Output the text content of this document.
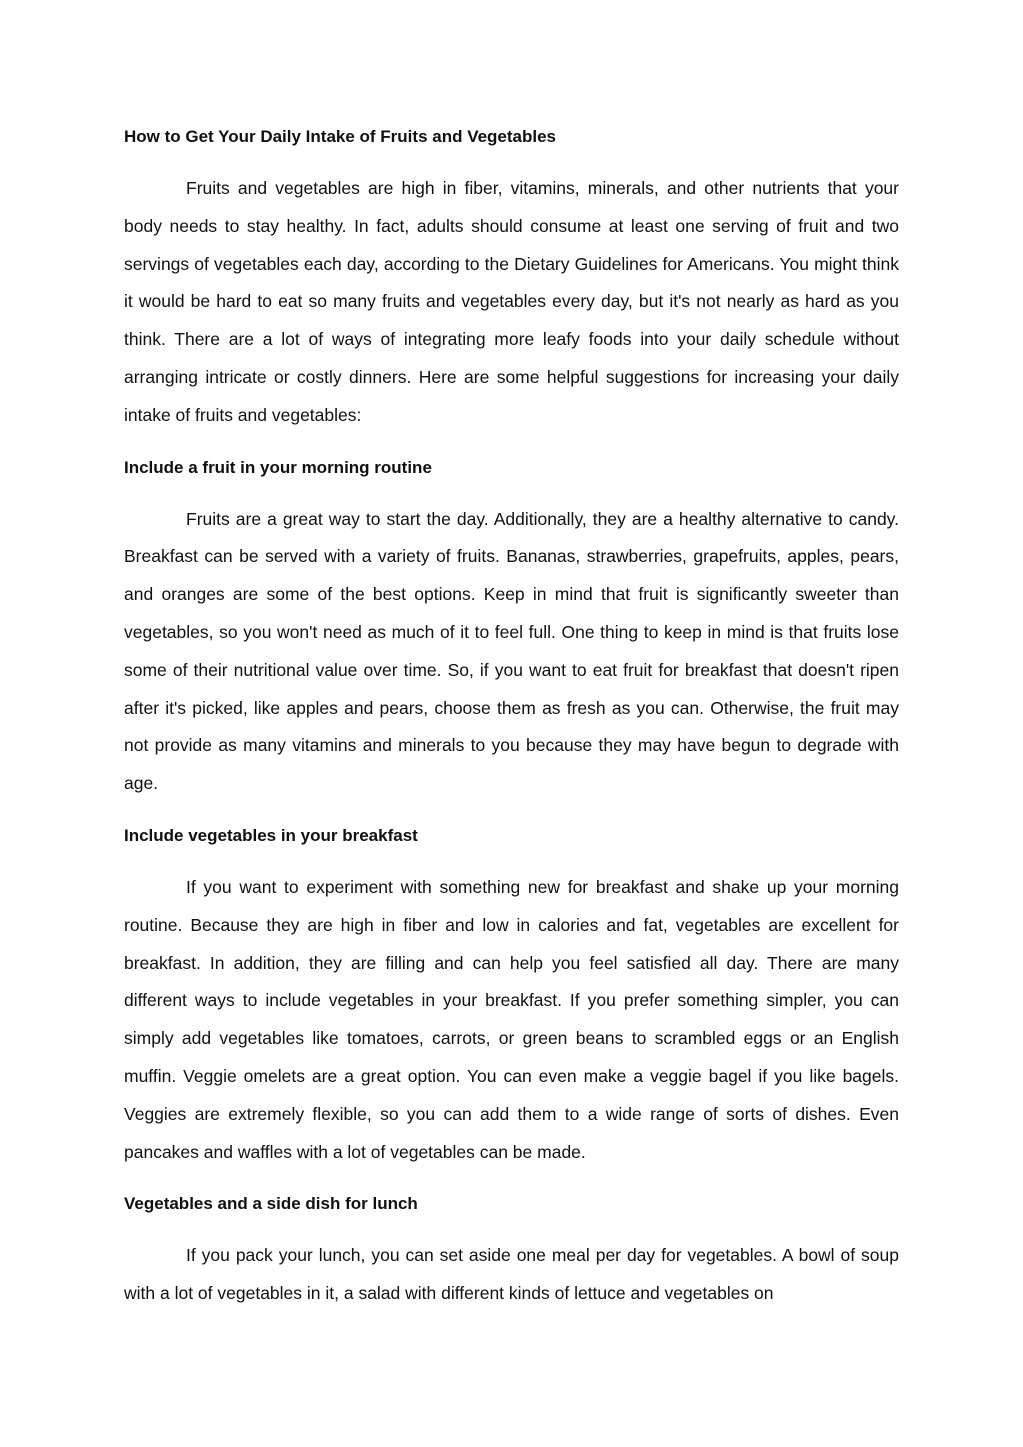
How to Get Your Daily Intake of Fruits and Vegetables

Fruits and vegetables are high in fiber, vitamins, minerals, and other nutrients that your body needs to stay healthy. In fact, adults should consume at least one serving of fruit and two servings of vegetables each day, according to the Dietary Guidelines for Americans. You might think it would be hard to eat so many fruits and vegetables every day, but it's not nearly as hard as you think. There are a lot of ways of integrating more leafy foods into your daily schedule without arranging intricate or costly dinners. Here are some helpful suggestions for increasing your daily intake of fruits and vegetables:

Include a fruit in your morning routine

Fruits are a great way to start the day. Additionally, they are a healthy alternative to candy. Breakfast can be served with a variety of fruits. Bananas, strawberries, grapefruits, apples, pears, and oranges are some of the best options. Keep in mind that fruit is significantly sweeter than vegetables, so you won't need as much of it to feel full. One thing to keep in mind is that fruits lose some of their nutritional value over time. So, if you want to eat fruit for breakfast that doesn't ripen after it's picked, like apples and pears, choose them as fresh as you can. Otherwise, the fruit may not provide as many vitamins and minerals to you because they may have begun to degrade with age.

Include vegetables in your breakfast

If you want to experiment with something new for breakfast and shake up your morning routine. Because they are high in fiber and low in calories and fat, vegetables are excellent for breakfast. In addition, they are filling and can help you feel satisfied all day. There are many different ways to include vegetables in your breakfast. If you prefer something simpler, you can simply add vegetables like tomatoes, carrots, or green beans to scrambled eggs or an English muffin. Veggie omelets are a great option. You can even make a veggie bagel if you like bagels. Veggies are extremely flexible, so you can add them to a wide range of sorts of dishes. Even pancakes and waffles with a lot of vegetables can be made.

Vegetables and a side dish for lunch

If you pack your lunch, you can set aside one meal per day for vegetables. A bowl of soup with a lot of vegetables in it, a salad with different kinds of lettuce and vegetables on
